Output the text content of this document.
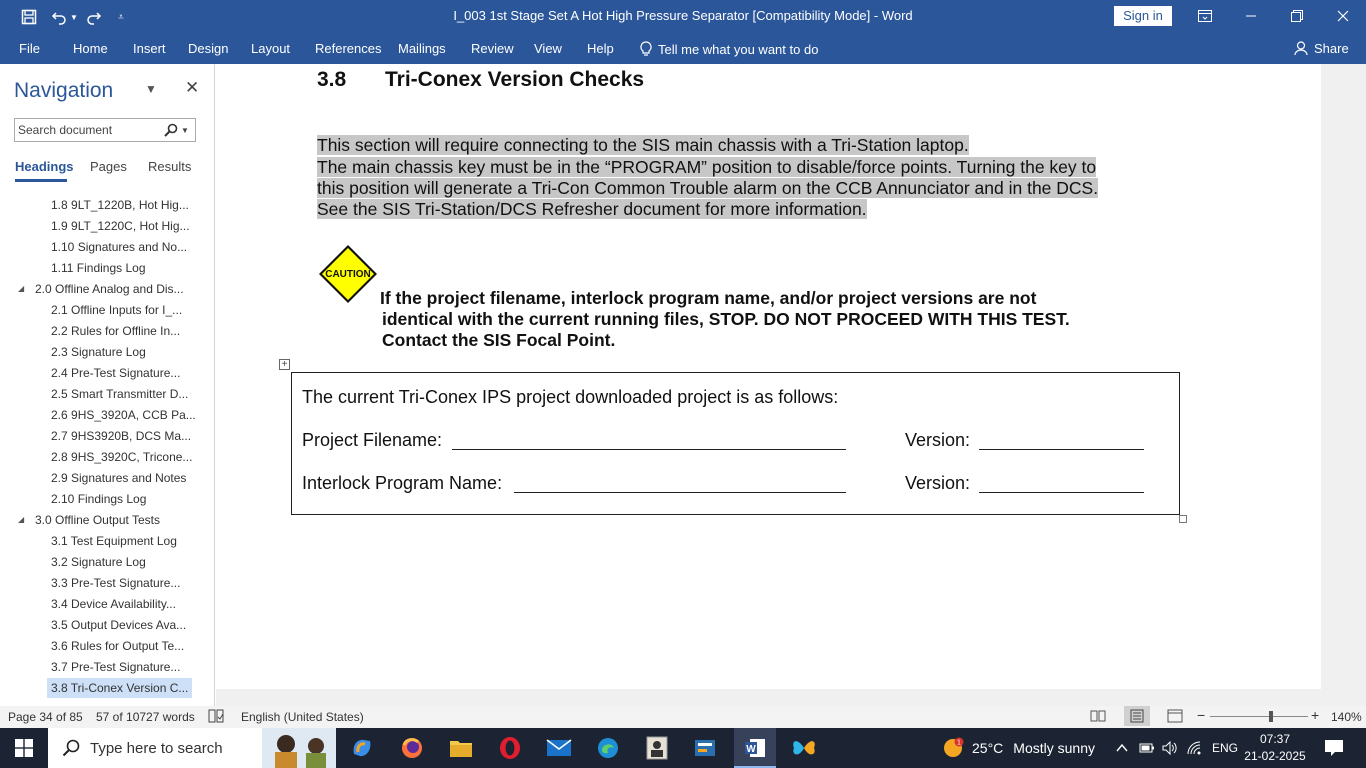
▼	⩡	I_003 1st Stage Set A Hot High Pressure Separator [Compatibility Mode] - Word	Sign in
File	Home Insert Design Layout References Mailings Review View Help	Tell me what you want to do	Share
Navigation	▼ ✕
Search document
▼
Headings Pages Results
1.8 9LT_1220B, Hot Hig...
1.9 9LT_1220C, Hot Hig...
1.10 Signatures and No...
1.11 Findings Log
◢ 2.0 Offline Analog and Dis...
2.1 Offline Inputs for I_...
2.2 Rules for Offline In...
2.3 Signature Log
2.4 Pre-Test Signature...
2.5 Smart Transmitter D...
2.6 9HS_3920A, CCB Pa...
2.7 9HS3920B, DCS Ma...
2.8 9HS_3920C, Tricone...
2.9 Signatures and Notes
2.10 Findings Log
◢ 3.0 Offline Output Tests
3.1 Test Equipment Log
3.2 Signature Log
3.3 Pre-Test Signature...
3.4 Device Availability...
3.5 Output Devices Ava...
3.6 Rules for Output Te...
3.7 Pre-Test Signature...
3.8 Tri-Conex Version C...
3.8 Tri-Conex Version Checks
This section will require connecting to the SIS main chassis with a Tri-Station laptop.
The main chassis key must be in the “PROGRAM” position to disable/force points. Turning the key to
this position will generate a Tri-Con Common Trouble alarm on the CCB Annunciator and in the DCS.
See the SIS Tri-Station/DCS Refresher document for more information.
CAUTION
If the project filename, interlock program name, and/or project versions are not
identical with the current running files, STOP. DO NOT PROCEED WITH THIS TEST.
Contact the SIS Focal Point.
+
The current Tri-Conex IPS project downloaded project is as follows:
Project Filename:	Version:
Interlock Program Name:	Version:
Page 34 of 85 57 of 10727 words	English (United States)	−	+ 140%
Type here to search	W
1 25°C Mostly sunny	ENG
07:37
21-02-2025
